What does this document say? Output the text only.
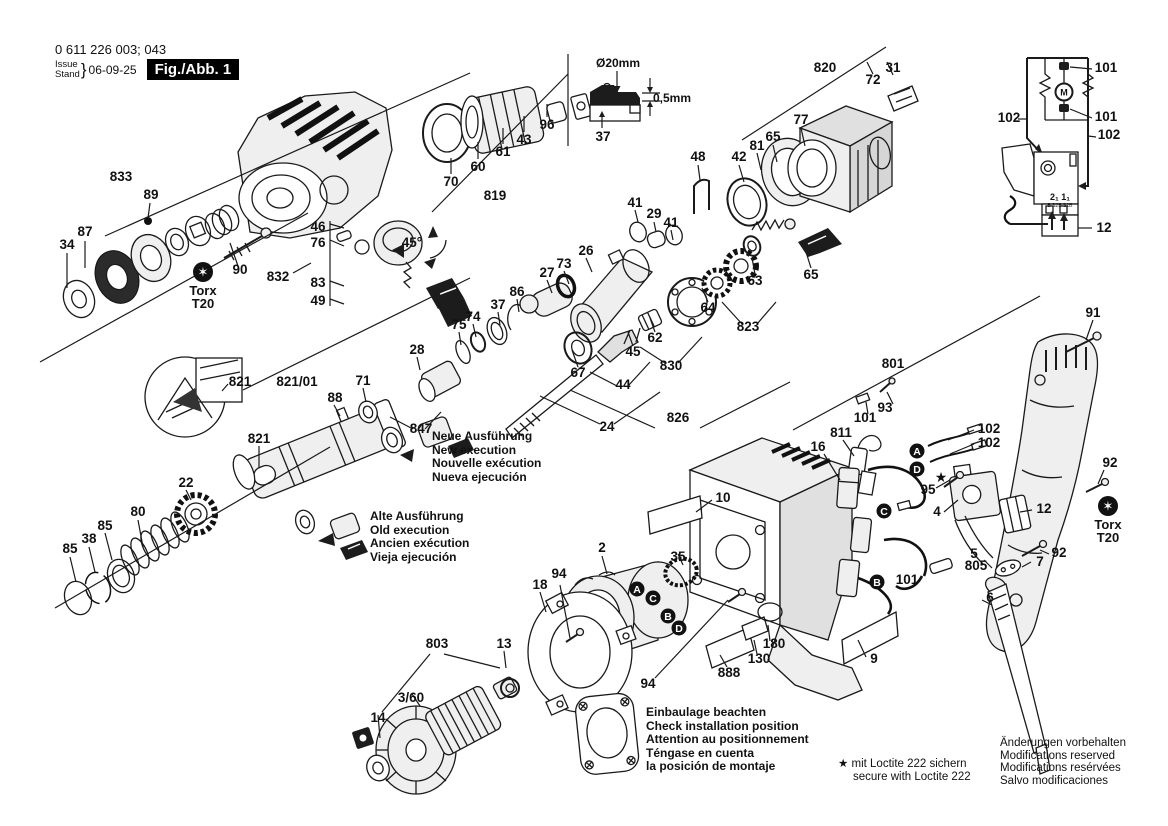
Ø20mm
0,5mm
37
M
2₁ 1₁
B S2B S1B
34
87
833
89
90 832
46
76
83
49
45°
70
60
61
43
96
819
85
38
85
80
22
821 821/01
88
71
821
847
28
75
74
37
86
27
73
26
67
45
62
44
24
830
826
823
64
63
41
29
41
48 42
81
65
77
820
72
31
65
801
91
93
101
811
16
102
102
95
4	12
92
92
7
5
805
6
101
9
10
35
888
130
180
2
94
18
94
803	13
3/60
14
101
102	101
102
12
A
C
B
D
A
D
C
B
★
✶
Torx
T20
✶
Torx
T20
0 611 226 003; 043
Issue
Stand } 06-09-25	Fig./Abb. 1
Neue Ausführung
New execution
Nouvelle exécution
Nueva ejecución
Alte Ausführung
Old execution
Ancien exécution
Vieja ejecución
Einbaulage beachten
Check installation position
Attention au positionnement
Téngase en cuenta
la posición de montaje	★ mit Loctite 222 sichern
secure with Loctite 222
Änderungen vorbehalten
Modifications reserved
Modifications resérvées
Salvo modificaciones
